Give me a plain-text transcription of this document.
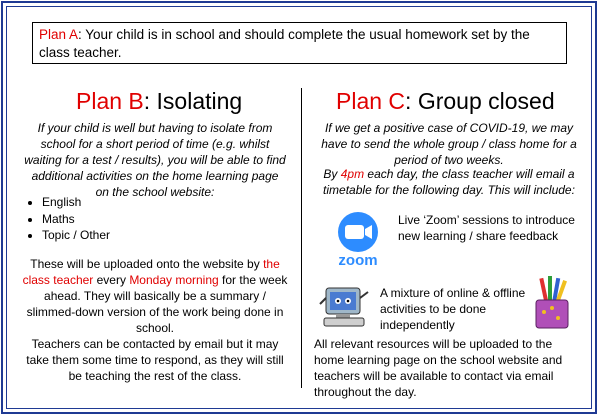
Plan A: Your child is in school and should complete the usual homework set by the class teacher.
Plan B: Isolating
If your child is well but having to isolate from school for a short period of time (e.g. whilst waiting for a test / results), you will be able to find additional activities on the home learning page on the school website:
• English
• Maths
• Topic / Other
These will be uploaded onto the website by the class teacher every Monday morning for the week ahead. They will basically be a summary / slimmed-down version of the work being done in school.
Teachers can be contacted by email but it may take them some time to respond, as they will still be teaching the rest of the class.
Plan C: Group closed
If we get a positive case of COVID-19, we may have to send the whole group / class home for a period of two weeks.
By 4pm each day, the class teacher will email a timetable for the following day. This will include:
zoom
Live ‘Zoom’ sessions to introduce new learning / share feedback
A mixture of online & offline activities to be done independently
All relevant resources will be uploaded to the home learning page on the school website and teachers will be available to contact via email throughout the day.
